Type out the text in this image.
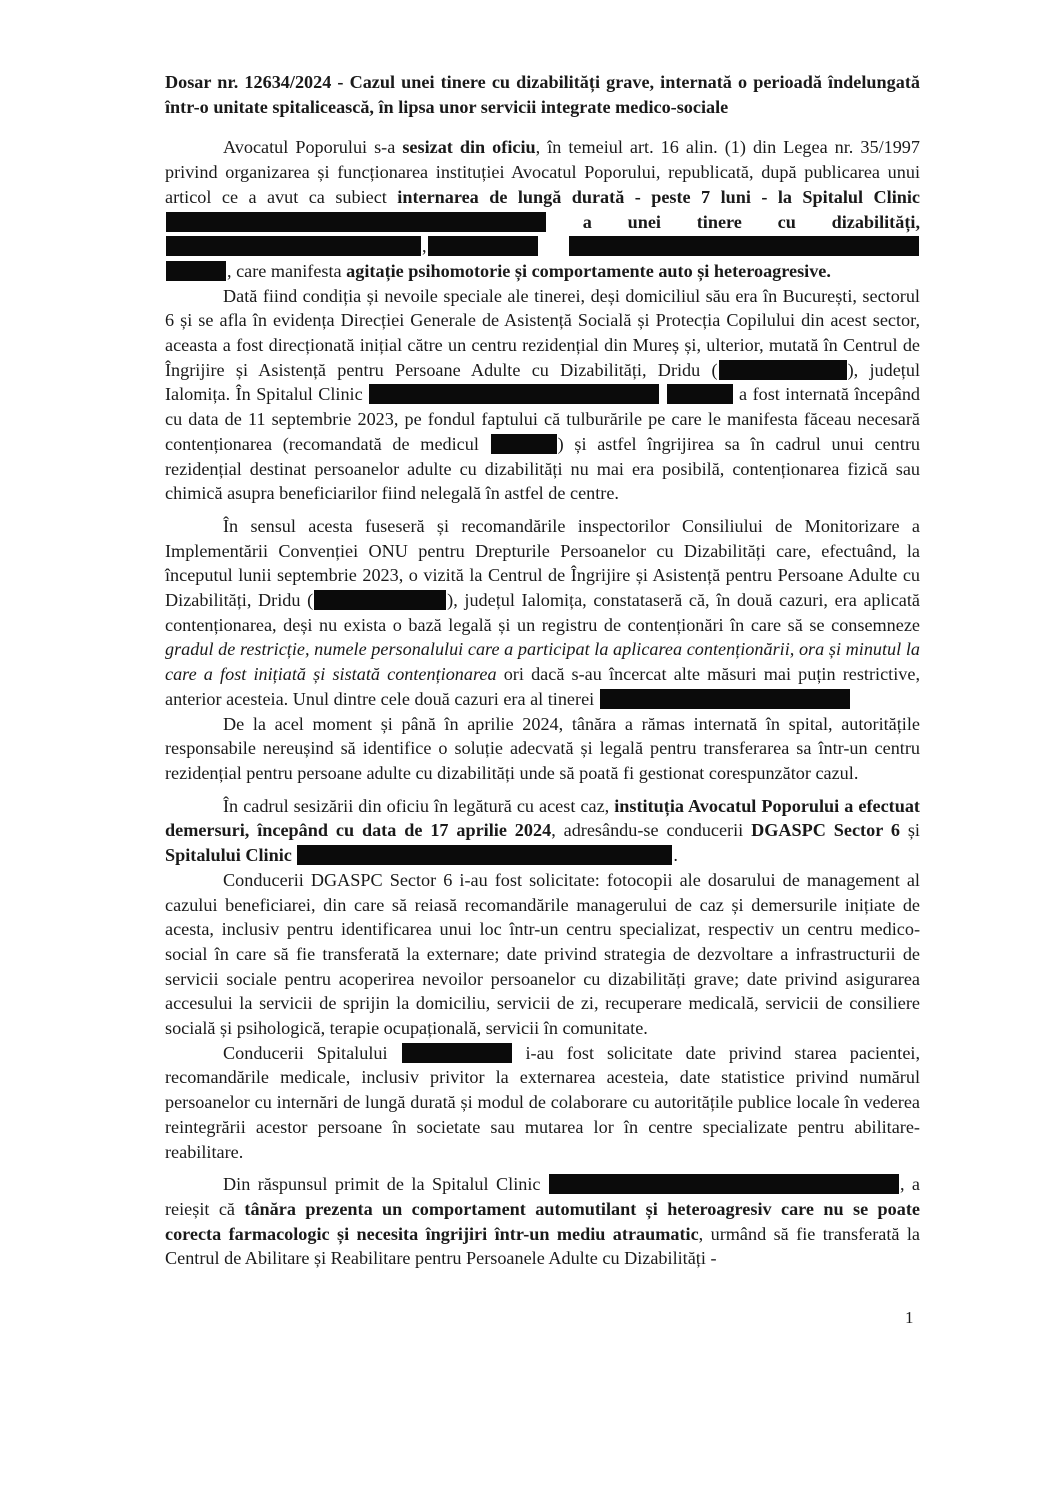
Dosar nr. 12634/2024 - Cazul unei tinere cu dizabilități grave, internată o perioadă îndelungată într-o unitate spitalicească, în lipsa unor servicii integrate medico-sociale

Avocatul Poporului s-a sesizat din oficiu, în temeiul art. 16 alin. (1) din Legea nr. 35/1997 privind organizarea și funcționarea instituției Avocatul Poporului, republicată, după publicarea unui articol ce a avut ca subiect internarea de lungă durată - peste 7 luni - la Spitalul Clinic  a unei tinere cu dizabilități, ,  , care manifesta agitație psihomotorie și comportamente auto și heteroagresive.

Dată fiind condiția și nevoile speciale ale tinerei, deși domiciliul său era în București, sectorul 6 și se afla în evidența Direcției Generale de Asistență Socială și Protecția Copilului din acest sector, aceasta a fost direcționată inițial către un centru rezidențial din Mureș și, ulterior, mutată în Centrul de Îngrijire și Asistență pentru Persoane Adulte cu Dizabilități, Dridu (	), județul Ialomița. În Spitalul Clinic	a fost internată începând cu data de 11 septembrie 2023, pe fondul faptului că tulburările pe care le manifesta făceau necesară contenționarea (recomandată de medicul	) și astfel îngrijirea sa în cadrul unui centru rezidențial destinat persoanelor adulte cu dizabilități nu mai era posibilă, contenționarea fizică sau chimică asupra beneficiarilor fiind nelegală în astfel de centre.

În sensul acesta fuseseră și recomandările inspectorilor Consiliului de Monitorizare a Implementării Convenției ONU pentru Drepturile Persoanelor cu Dizabilități care, efectuând, la începutul lunii septembrie 2023, o vizită la Centrul de Îngrijire și Asistență pentru Persoane Adulte cu Dizabilități, Dridu (	), județul Ialomița, constataseră că, în două cazuri, era aplicată contenționarea, deși nu exista o bază legală și un registru de contenționări în care să se consemneze gradul de restricție, numele personalului care a participat la aplicarea contenționării, ora și minutul la care a fost inițiată și sistată contenționarea ori dacă s-au încercat alte măsuri mai puțin restrictive, anterior acesteia. Unul dintre cele două cazuri era al tinerei

De la acel moment și până în aprilie 2024, tânăra a rămas internată în spital, autoritățile responsabile nereușind să identifice o soluție adecvată și legală pentru transferarea sa într-un centru rezidențial pentru persoane adulte cu dizabilități unde să poată fi gestionat corespunzător cazul.

În cadrul sesizării din oficiu în legătură cu acest caz, instituția Avocatul Poporului a efectuat demersuri, începând cu data de 17 aprilie 2024, adresându-se conducerii DGASPC Sector 6 și Spitalului Clinic	.

Conducerii DGASPC Sector 6 i-au fost solicitate: fotocopii ale dosarului de management al cazului beneficiarei, din care să reiasă recomandările managerului de caz și demersurile inițiate de acesta, inclusiv pentru identificarea unui loc într-un centru specializat, respectiv un centru medico-social în care să fie transferată la externare; date privind strategia de dezvoltare a infrastructurii de servicii sociale pentru acoperirea nevoilor persoanelor cu dizabilități grave; date privind asigurarea accesului la servicii de sprijin la domiciliu, servicii de zi, recuperare medicală, servicii de consiliere socială și psihologică, terapie ocupațională, servicii în comunitate.

Conducerii Spitalului	i-au fost solicitate date privind starea pacientei, recomandările medicale, inclusiv privitor la externarea acesteia, date statistice privind numărul persoanelor cu internări de lungă durată și modul de colaborare cu autoritățile publice locale în vederea reintegrării acestor persoane în societate sau mutarea lor în centre specializate pentru abilitare-reabilitare.

Din răspunsul primit de la Spitalul Clinic	, a reieșit că tânăra prezenta un comportament automutilant și heteroagresiv care nu se poate corecta farmacologic și necesita îngrijiri într-un mediu atraumatic, urmând să fie transferată la Centrul de Abilitare și Reabilitare pentru Persoanele Adulte cu Dizabilități -

1
